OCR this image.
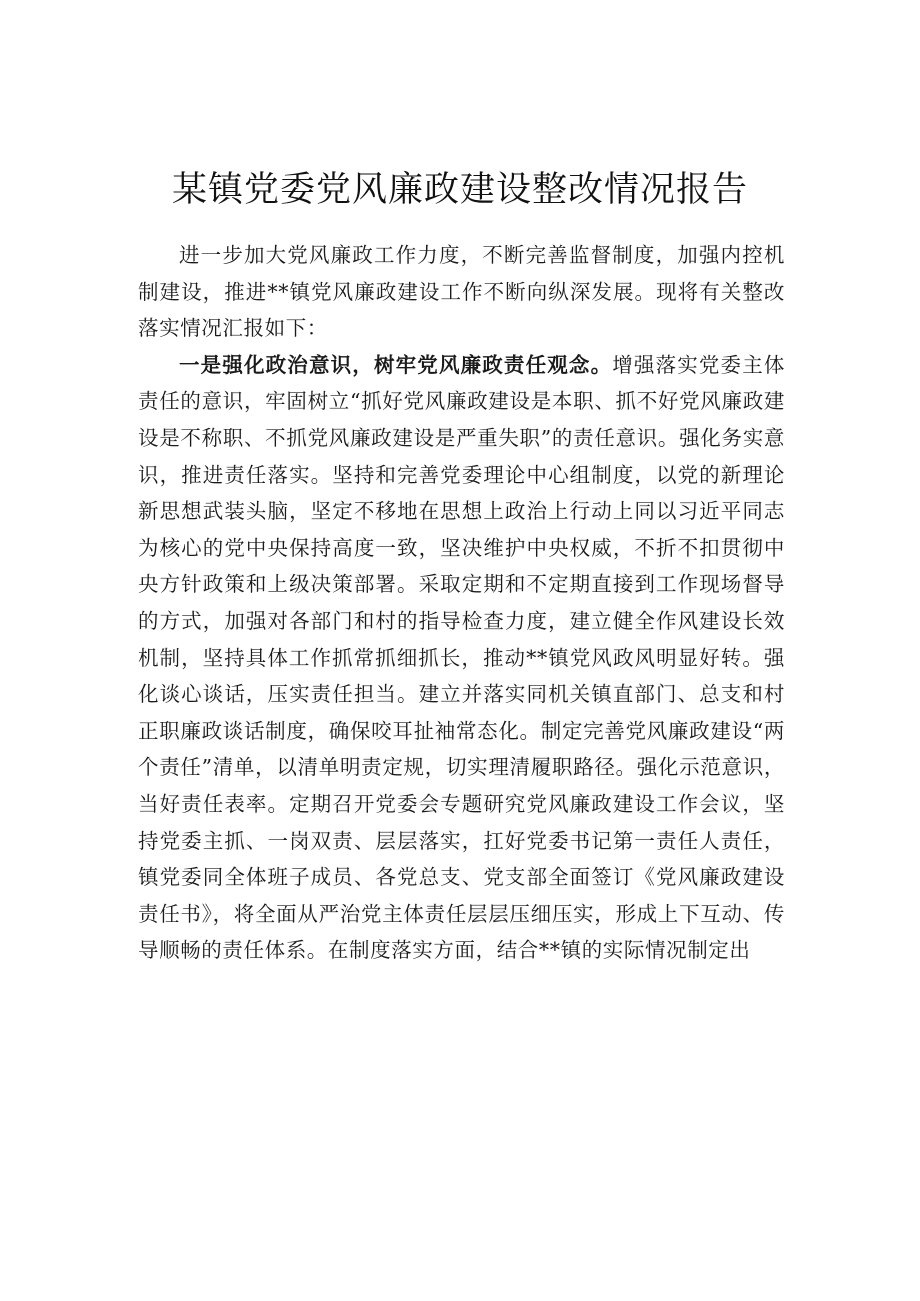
某镇党委党风廉政建设整改情况报告

进一步加大党风廉政工作力度，不断完善监督制度，加强内控机制建设，推进**镇党风廉政建设工作不断向纵深发展。现将有关整改落实情况汇报如下：

一是强化政治意识，树牢党风廉政责任观念。增强落实党委主体责任的意识，牢固树立“抓好党风廉政建设是本职、抓不好党风廉政建设是不称职、不抓党风廉政建设是严重失职”的责任意识。强化务实意识，推进责任落实。坚持和完善党委理论中心组制度，以党的新理论新思想武装头脑，坚定不移地在思想上政治上行动上同以习近平同志为核心的党中央保持高度一致，坚决维护中央权威，不折不扣贯彻中央方针政策和上级决策部署。采取定期和不定期直接到工作现场督导的方式，加强对各部门和村的指导检查力度，建立健全作风建设长效机制，坚持具体工作抓常抓细抓长，推动**镇党风政风明显好转。强化谈心谈话，压实责任担当。建立并落实同机关镇直部门、总支和村正职廉政谈话制度，确保咬耳扯袖常态化。制定完善党风廉政建设“两个责任”清单，以清单明责定规，切实理清履职路径。强化示范意识，当好责任表率。定期召开党委会专题研究党风廉政建设工作会议，坚持党委主抓、一岗双责、层层落实，扛好党委书记第一责任人责任，镇党委同全体班子成员、各党总支、党支部全面签订《党风廉政建设责任书》，将全面从严治党主体责任层层压细压实，形成上下互动、传导顺畅的责任体系。在制度落实方面，结合**镇的实际情况制定出
